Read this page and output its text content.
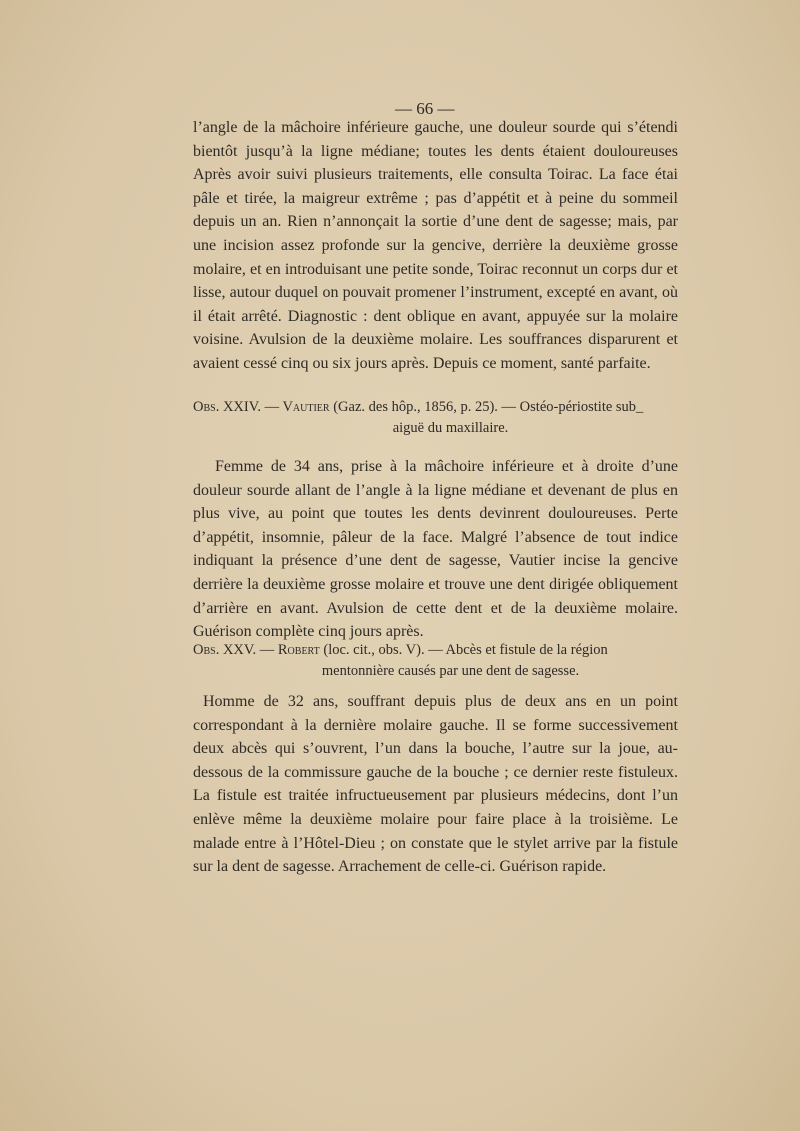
— 66 —

l’angle de la mâchoire inférieure gauche, une douleur sourde qui s’étendi bientôt jusqu’à la ligne médiane; toutes les dents étaient douloureuses Après avoir suivi plusieurs traitements, elle consulta Toirac. La face étai pâle et tirée, la maigreur extrême ; pas d’appétit et à peine du sommeil depuis un an. Rien n’annonçait la sortie d’une dent de sagesse; mais, par une incision assez profonde sur la gencive, derrière la deuxième grosse molaire, et en introduisant une petite sonde, Toirac reconnut un corps dur et lisse, autour duquel on pouvait promener l’instrument, excepté en avant, où il était arrêté. Diagnostic : dent oblique en avant, appuyée sur la molaire voisine. Avulsion de la deuxième molaire. Les souffrances disparurent et avaient cessé cinq ou six jours après. Depuis ce moment, santé parfaite.

Obs. XXIV. — Vautier (Gaz. des hôp., 1856, p. 25). — Ostéo-périostite sub_
aiguë du maxillaire.

Femme de 34 ans, prise à la mâchoire inférieure et à droite d’une douleur sourde allant de l’angle à la ligne médiane et devenant de plus en plus vive, au point que toutes les dents devinrent douloureuses. Perte d’appétit, insomnie, pâleur de la face. Malgré l’absence de tout indice indiquant la présence d’une dent de sagesse, Vautier incise la gencive derrière la deuxième grosse molaire et trouve une dent dirigée obliquement d’arrière en avant. Avulsion de cette dent et de la deuxième molaire. Guérison complète cinq jours après.

Obs. XXV. — Robert (loc. cit., obs. V). — Abcès et fistule de la région
mentonnière causés par une dent de sagesse.

Homme de 32 ans, souffrant depuis plus de deux ans en un point correspondant à la dernière molaire gauche. Il se forme successivement deux abcès qui s’ouvrent, l’un dans la bouche, l’autre sur la joue, au-dessous de la commissure gauche de la bouche ; ce dernier reste fistuleux. La fistule est traitée infructueusement par plusieurs médecins, dont l’un enlève même la deuxième molaire pour faire place à la troisième. Le malade entre à l’Hôtel-Dieu ; on constate que le stylet arrive par la fistule sur la dent de sagesse. Arrachement de celle-ci. Guérison rapide.
